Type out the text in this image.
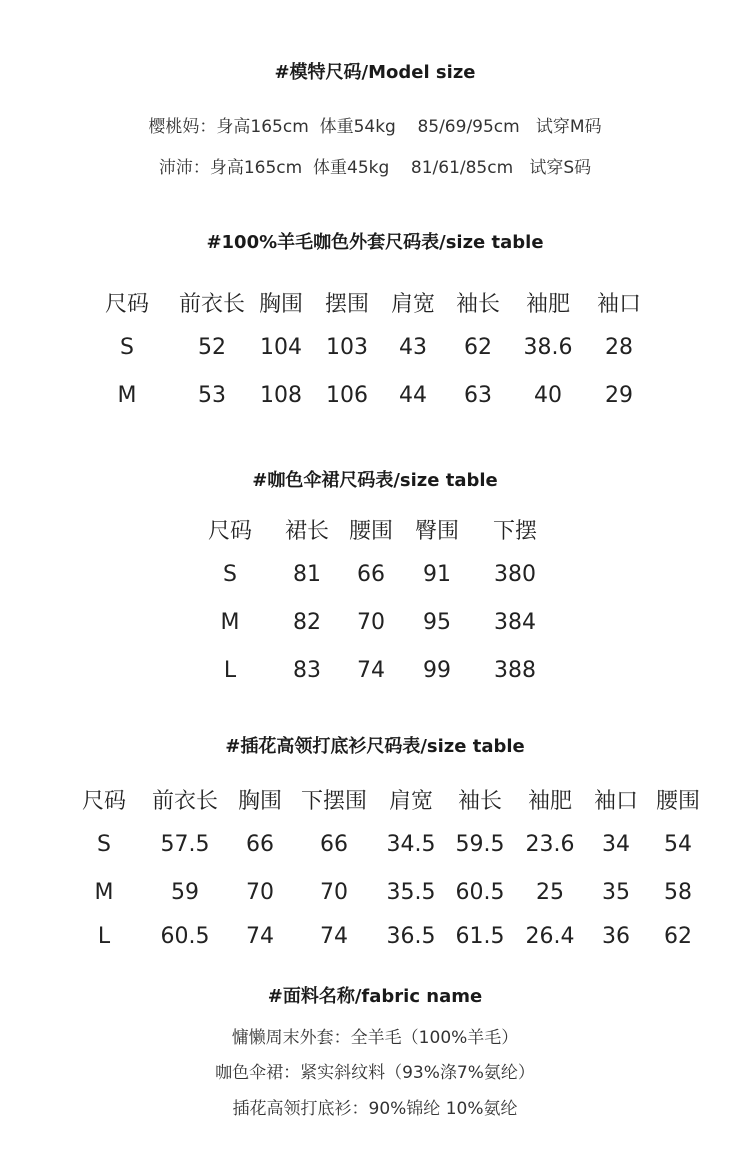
#模特尺码/Model size
樱桃妈：身高165cm  体重54kg    85/69/95cm   试穿M码
沛沛：身高165cm  体重45kg    81/61/85cm   试穿S码
#100%羊毛咖色外套尺码表/size table
尺码 前衣长 胸围 摆围 肩宽 袖长 袖肥 袖口
S	52 104 103 43 62 38.6 28
M	53 108 106 44 63 40 29
#咖色伞裙尺码表/size table
尺码 裙长 腰围 臀围 下摆
S	81 66 91 380
M 82 70 95 384
L	83 74 99 388
#插花高领打底衫尺码表/size table
尺码 前衣长 胸围 下摆围 肩宽 袖长 袖肥 袖口 腰围
S 57.5 66 66 34.5 59.5 23.6 34 54
M	59 70 70 35.5 60.5 25 35 58
L 60.5 74 74 36.5 61.5 26.4 36 62
#面料名称/fabric name
慵懒周末外套：全羊毛（100%羊毛）
咖色伞裙：紧实斜纹料（93%涤7%氨纶）
插花高领打底衫：90%锦纶 10%氨纶
